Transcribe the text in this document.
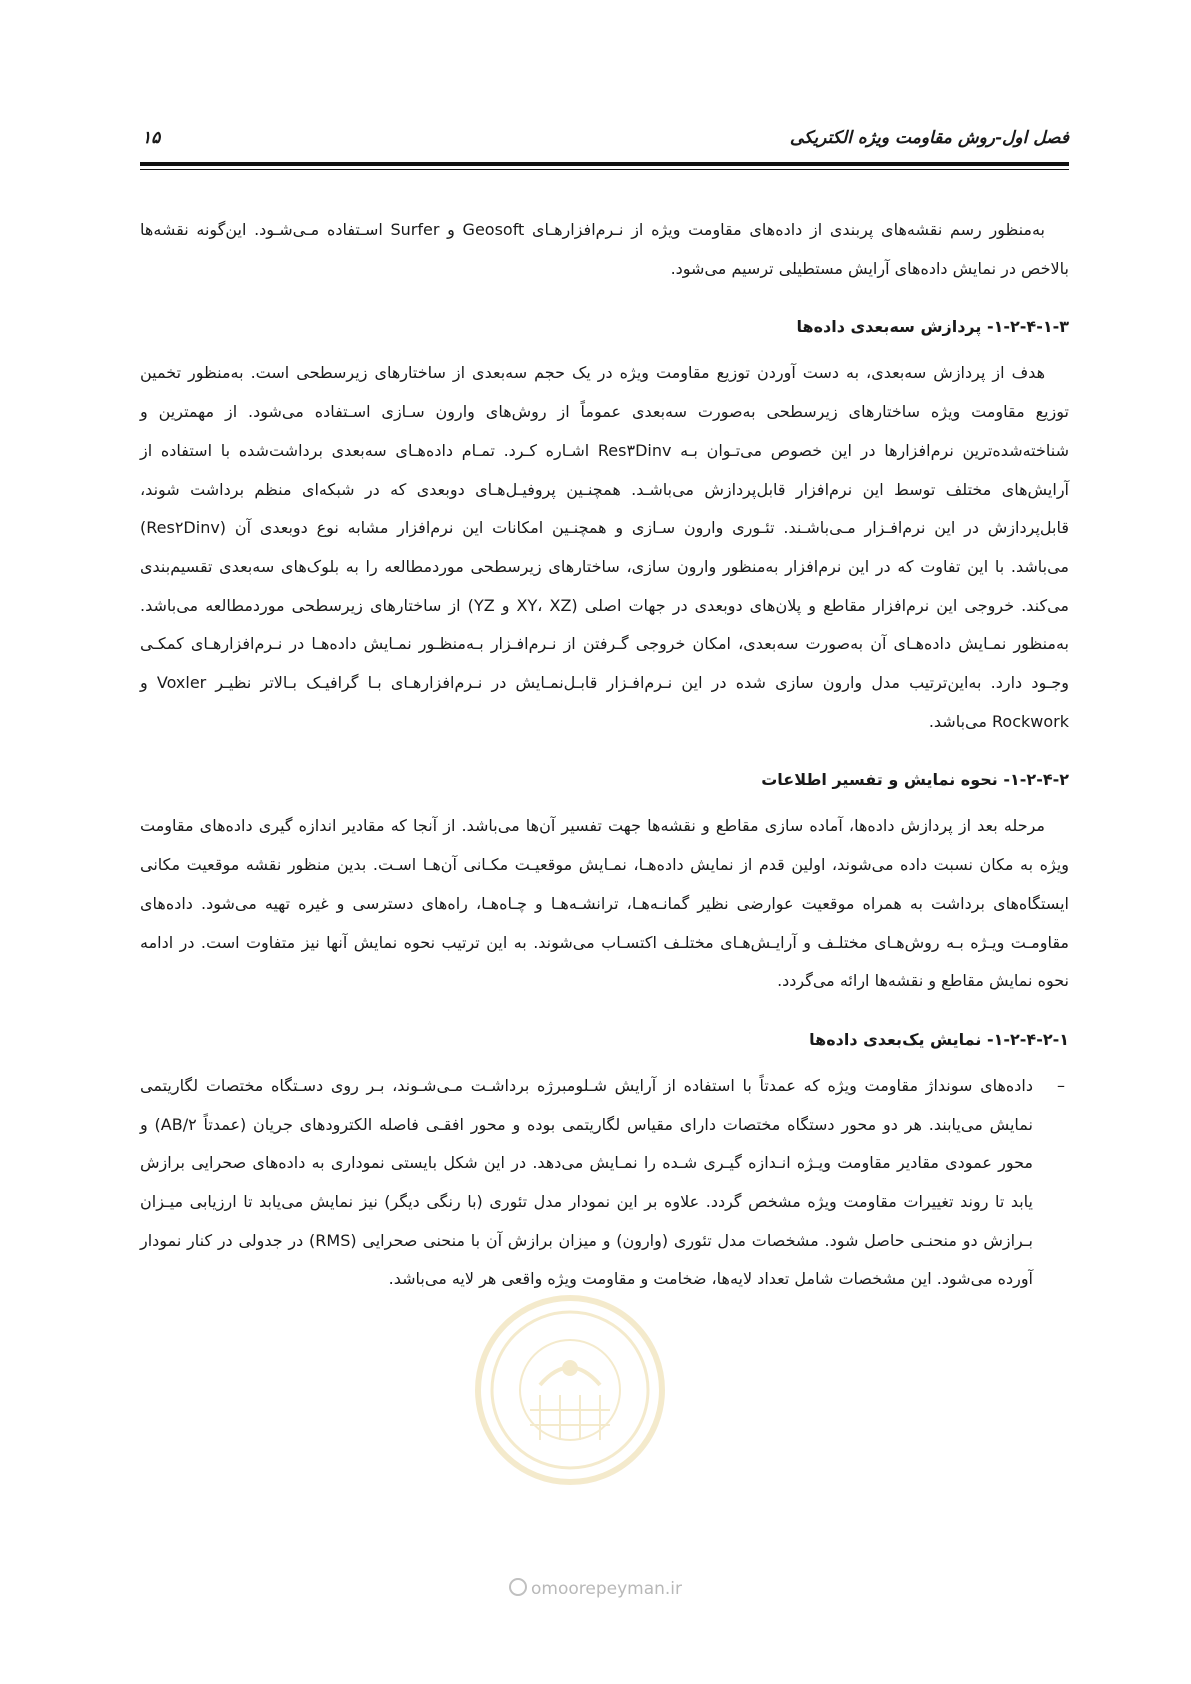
فصل اول-روش مقاومت ویژه الکتریکی
۱۵

به‌منظور رسم نقشه‌های پربندی از داده‌های مقاومت ویژه از نـرم‌افزارهـای Geosoft و Surfer اسـتفاده مـی‌شـود. این‌گونه نقشه‌ها بالاخص در نمایش داده‌های آرایش مستطیلی ترسیم می‌شود.

۱-۲-۴-۱-۳- پردازش سه‌بعدی داده‌ها

هدف از پردازش سه‌بعدی، به دست آوردن توزیع مقاومت ویژه در یک حجم سه‌بعدی از ساختارهای زیرسطحی است. به‌منظور تخمین توزیع مقاومت ویژه ساختارهای زیرسطحی به‌صورت سه‌بعدی عموماً از روش‌های وارون سـازی اسـتفاده می‌شود. از مهمترین و شناخته‌شده‌ترین نرم‌افزارها در این خصوص می‌تـوان بـه Res۳Dinv اشـاره کـرد. تمـام داده‌هـای سه‌بعدی برداشت‌شده با استفاده از آرایش‌های مختلف توسط این نرم‌افزار قابل‌پردازش می‌باشـد. همچنـین پروفیـل‌هـای دوبعدی که در شبکه‌ای منظم برداشت شوند، قابل‌پردازش در این نرم‌افـزار مـی‌باشـند. تئـوری وارون سـازی و همچنـین امکانات این نرم‌افزار مشابه نوع دوبعدی آن (Res۲Dinv) می‌باشد. با این تفاوت که در این نرم‌افزار به‌منظور وارون سازی، ساختارهای زیرسطحی موردمطالعه را به بلوک‌های سه‌بعدی تقسیم‌بندی می‌کند. خروجی این نرم‌افزار مقاطع و پلان‌های دوبعدی در جهات اصلی (XY، XZ و YZ) از ساختارهای زیرسطحی موردمطالعه می‌باشد. به‌منظور نمـایش داده‌هـای آن به‌صورت سه‌بعدی، امکان خروجی گـرفتن از نـرم‌افـزار بـه‌منظـور نمـایش داده‌هـا در نـرم‌افزارهـای کمکـی وجـود دارد. به‌این‌ترتیب مدل وارون سازی شده در این نـرم‌افـزار قابـل‌نمـایش در نـرم‌افزارهـای بـا گرافیـک بـالاتر نظیـر Voxler و Rockwork می‌باشد.

۱-۲-۴-۲- نحوه نمایش و تفسیر اطلاعات

مرحله بعد از پردازش داده‌ها، آماده سازی مقاطع و نقشه‌ها جهت تفسیر آن‌ها می‌باشد. از آنجا که مقادیر اندازه گیری داده‌های مقاومت ویژه به مکان نسبت داده می‌شوند، اولین قدم از نمایش داده‌هـا، نمـایش موقعیـت مکـانی آن‌هـا اسـت. بدین منظور نقشه موقعیت مکانی ایستگاه‌های برداشت به همراه موقعیت عوارضی نظیر گمانـه‌هـا، ترانشـه‌هـا و چـاه‌هـا، راه‌های دسترسی و غیره تهیه می‌شود. داده‌های مقاومـت ویـژه بـه روش‌هـای مختلـف و آرایـش‌هـای مختلـف اکتسـاب می‌شوند. به این ترتیب نحوه نمایش آنها نیز متفاوت است. در ادامه نحوه نمایش مقاطع و نقشه‌ها ارائه می‌گردد.

۱-۲-۴-۲-۱- نمایش یک‌بعدی داده‌ها
–
داده‌های سونداژ مقاومت ویژه که عمدتاً با استفاده از آرایش شـلومبرژه برداشـت مـی‌شـوند، بـر روی دسـتگاه مختصات لگاریتمی نمایش می‌یابند. هر دو محور دستگاه مختصات دارای مقیاس لگاریتمی بوده و محور افقـی فاصله الکترودهای جریان (عمدتاً AB/۲) و محور عمودی مقادیر مقاومت ویـژه انـدازه گیـری شـده را نمـایش می‌دهد. در این شکل بایستی نموداری به داده‌های صحرایی برازش یابد تا روند تغییرات مقاومت ویژه مشخص گردد. علاوه بر این نمودار مدل تئوری (با رنگی دیگر) نیز نمایش می‌یابد تا ارزیابی میـزان بـرازش دو منحنـی حاصل شود. مشخصات مدل تئوری (وارون) و میزان برازش آن با منحنی صحرایی (RMS) در جدولی در کنار نمودار آورده می‌شود. این مشخصات شامل تعداد لایه‌ها، ضخامت و مقاومت ویژه واقعی هر لایه می‌باشد.
omoorepeyman.ir
